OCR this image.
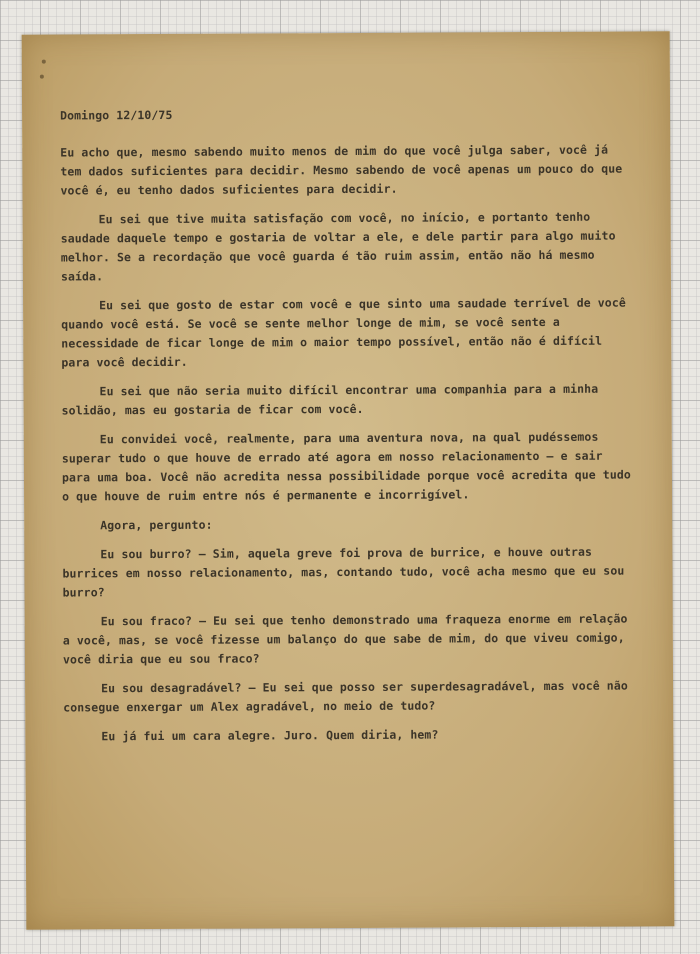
Domingo 12/10/75

Eu acho que, mesmo sabendo muito menos de mim do que você julga saber, você já tem dados suficientes para decidir. Mesmo sabendo de você apenas um pouco do que você é, eu tenho dados suficientes para decidir.

Eu sei que tive muita satisfação com você, no início, e portanto tenho saudade daquele tempo e gostaria de voltar a ele, e dele partir para algo muito melhor. Se a recordação que você guarda é tão ruim assim, então não há mesmo saída.

Eu sei que gosto de estar com você e que sinto uma saudade terrível de você quando você está. Se você se sente melhor longe de mim, se você sente a necessidade de ficar longe de mim o maior tempo possível, então não é difícil para você decidir.

Eu sei que não seria muito difícil encontrar uma companhia para a minha solidão, mas eu gostaria de ficar com você.

Eu convidei você, realmente, para uma aventura nova, na qual pudéssemos superar tudo o que houve de errado até agora em nosso relacionamento — e sair para uma boa. Você não acredita nessa possibilidade porque você acredita que tudo o que houve de ruim entre nós é permanente e incorrigível.

Agora, pergunto:

Eu sou burro? — Sim, aquela greve foi prova de burrice, e houve outras burrices em nosso relacionamento, mas, contando tudo, você acha mesmo que eu sou burro?

Eu sou fraco? — Eu sei que tenho demonstrado uma fraqueza enorme em relação a você, mas, se você fizesse um balanço do que sabe de mim, do que viveu comigo, você diria que eu sou fraco?

Eu sou desagradável? — Eu sei que posso ser superdesagradável, mas você não consegue enxergar um Alex agradável, no meio de tudo?

Eu já fui um cara alegre. Juro. Quem diria, hem?
